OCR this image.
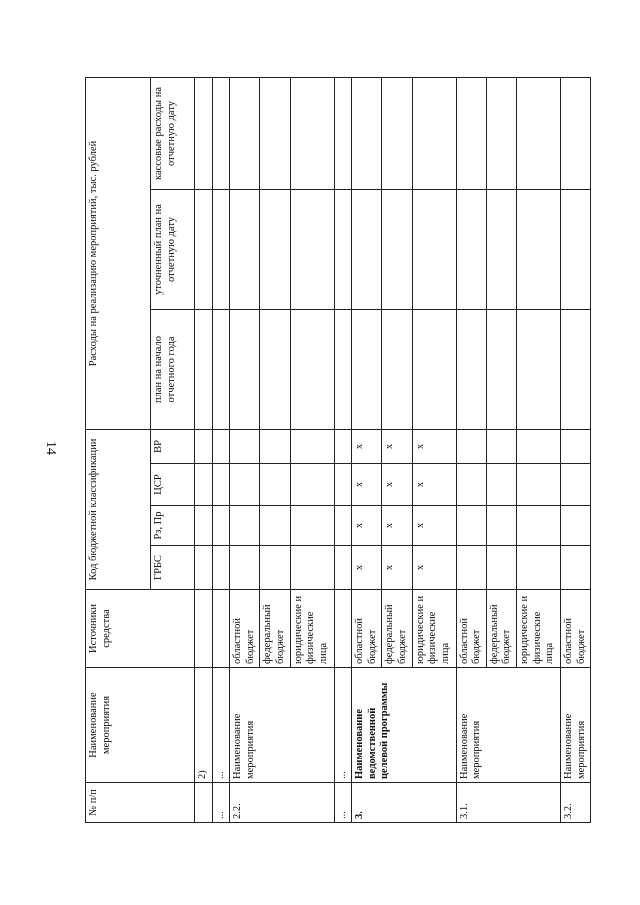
14
№ п/п	Наименование мероприятия	Источники средства	Код бюджетной классификации				Расходы на реализацию мероприятий, тыс. рублей		
			ГРБС	Рз, Пр	ЦСР	ВР	план на начало отчетного года	уточненный план на отчетную дату	кассовые расходы на отчетную дату
	2)								
...	...								
2.2.	Наименование мероприятия	областной бюджет							
		федеральный бюджет							
		юридические и физические лица							
...	...								
3.	Наименование ведомственной целевой программы	областной бюджет	x	x	x	x			
		федеральный бюджет	x	x	x	x			
		юридические и физические лица	x	x	x	x			
3.1.	Наименование мероприятия	областной бюджет							
		федеральный бюджет							
		юридические и физические лица							
3.2.	Наименование мероприятия	областной бюджет							
